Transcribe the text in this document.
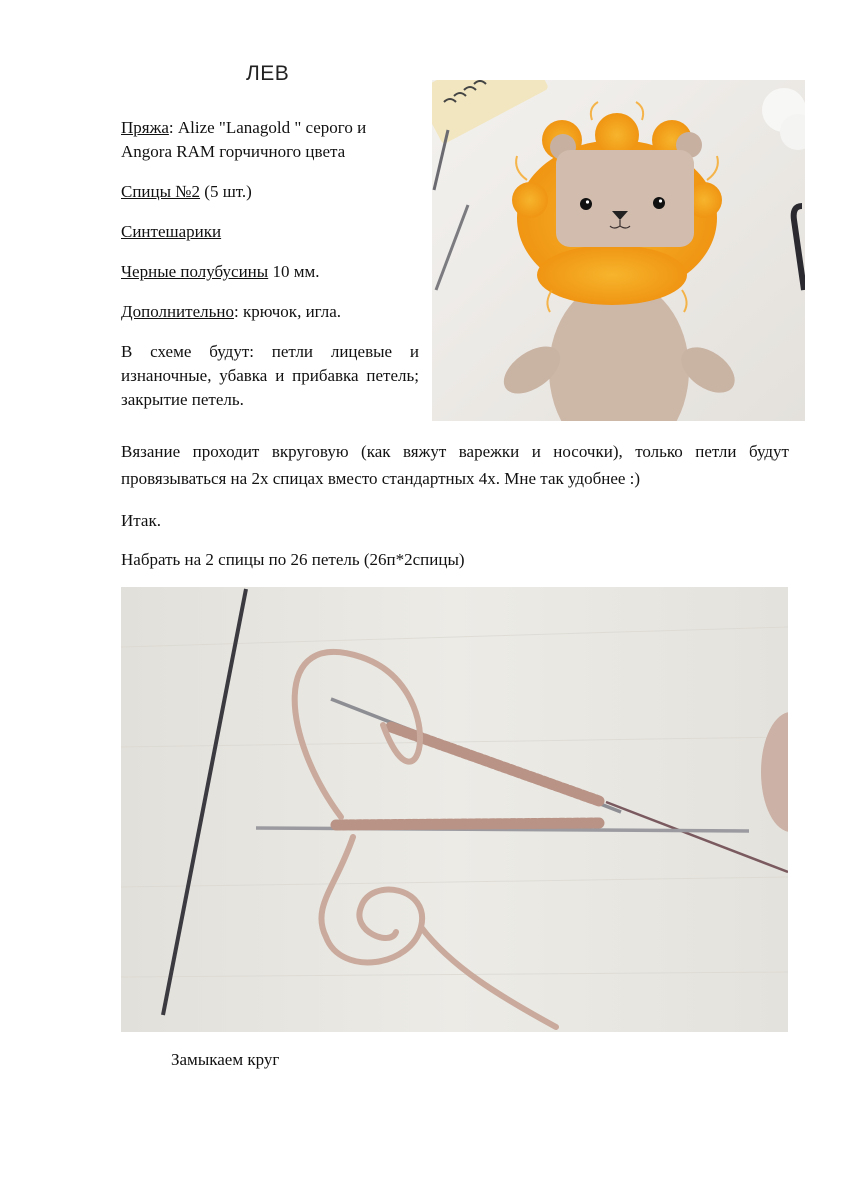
ЛЕВ

Пряжа: Alize "Lanagold " серого и Angora RAM горчичного цвета

Спицы №2 (5 шт.)

Синтешарики

Черные полубусины 10 мм.

Дополнительно: крючок, игла.

В схеме будут: петли лицевые и изнаночные, убавка и прибавка петель; закрытие петель.

Вязание проходит вкруговую (как вяжут варежки и носочки), только петли будут провязываться на 2х спицах вместо стандартных 4х. Мне так удобнее :)

Итак.

Набрать на 2 спицы по 26 петель (26п*2спицы)

Замыкаем круг
